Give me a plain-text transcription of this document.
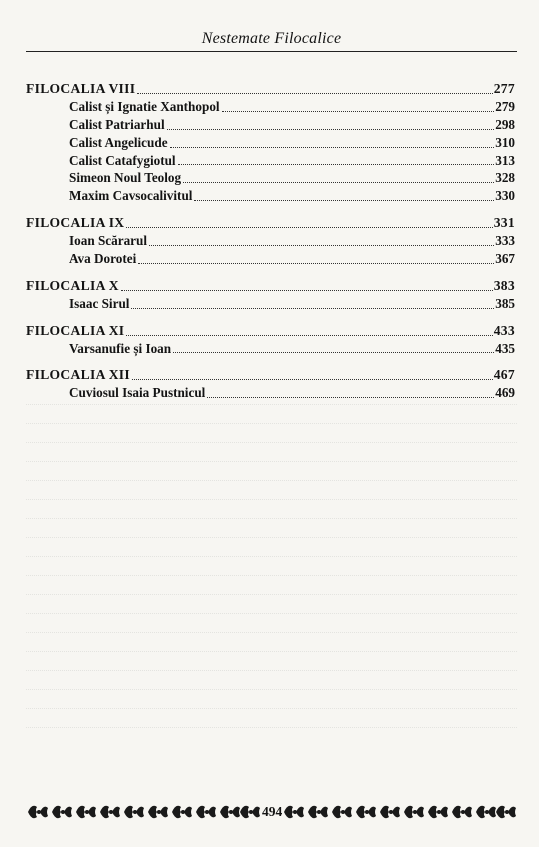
Nestemate Filocalice
FILOCALIA VIII	277
Calist și Ignatie Xanthopol	279
Calist Patriarhul	298
Calist Angelicude	310
Calist Catafygiotul	313
Simeon Noul Teolog	328
Maxim Cavsocalivitul	330
FILOCALIA IX	331
Ioan Scărarul	333
Ava Dorotei	367
FILOCALIA X	383
Isaac Sirul	385
FILOCALIA XI	433
Varsanufie și Ioan	435
FILOCALIA XII	467
Cuviosul Isaia Pustnicul	469
494
